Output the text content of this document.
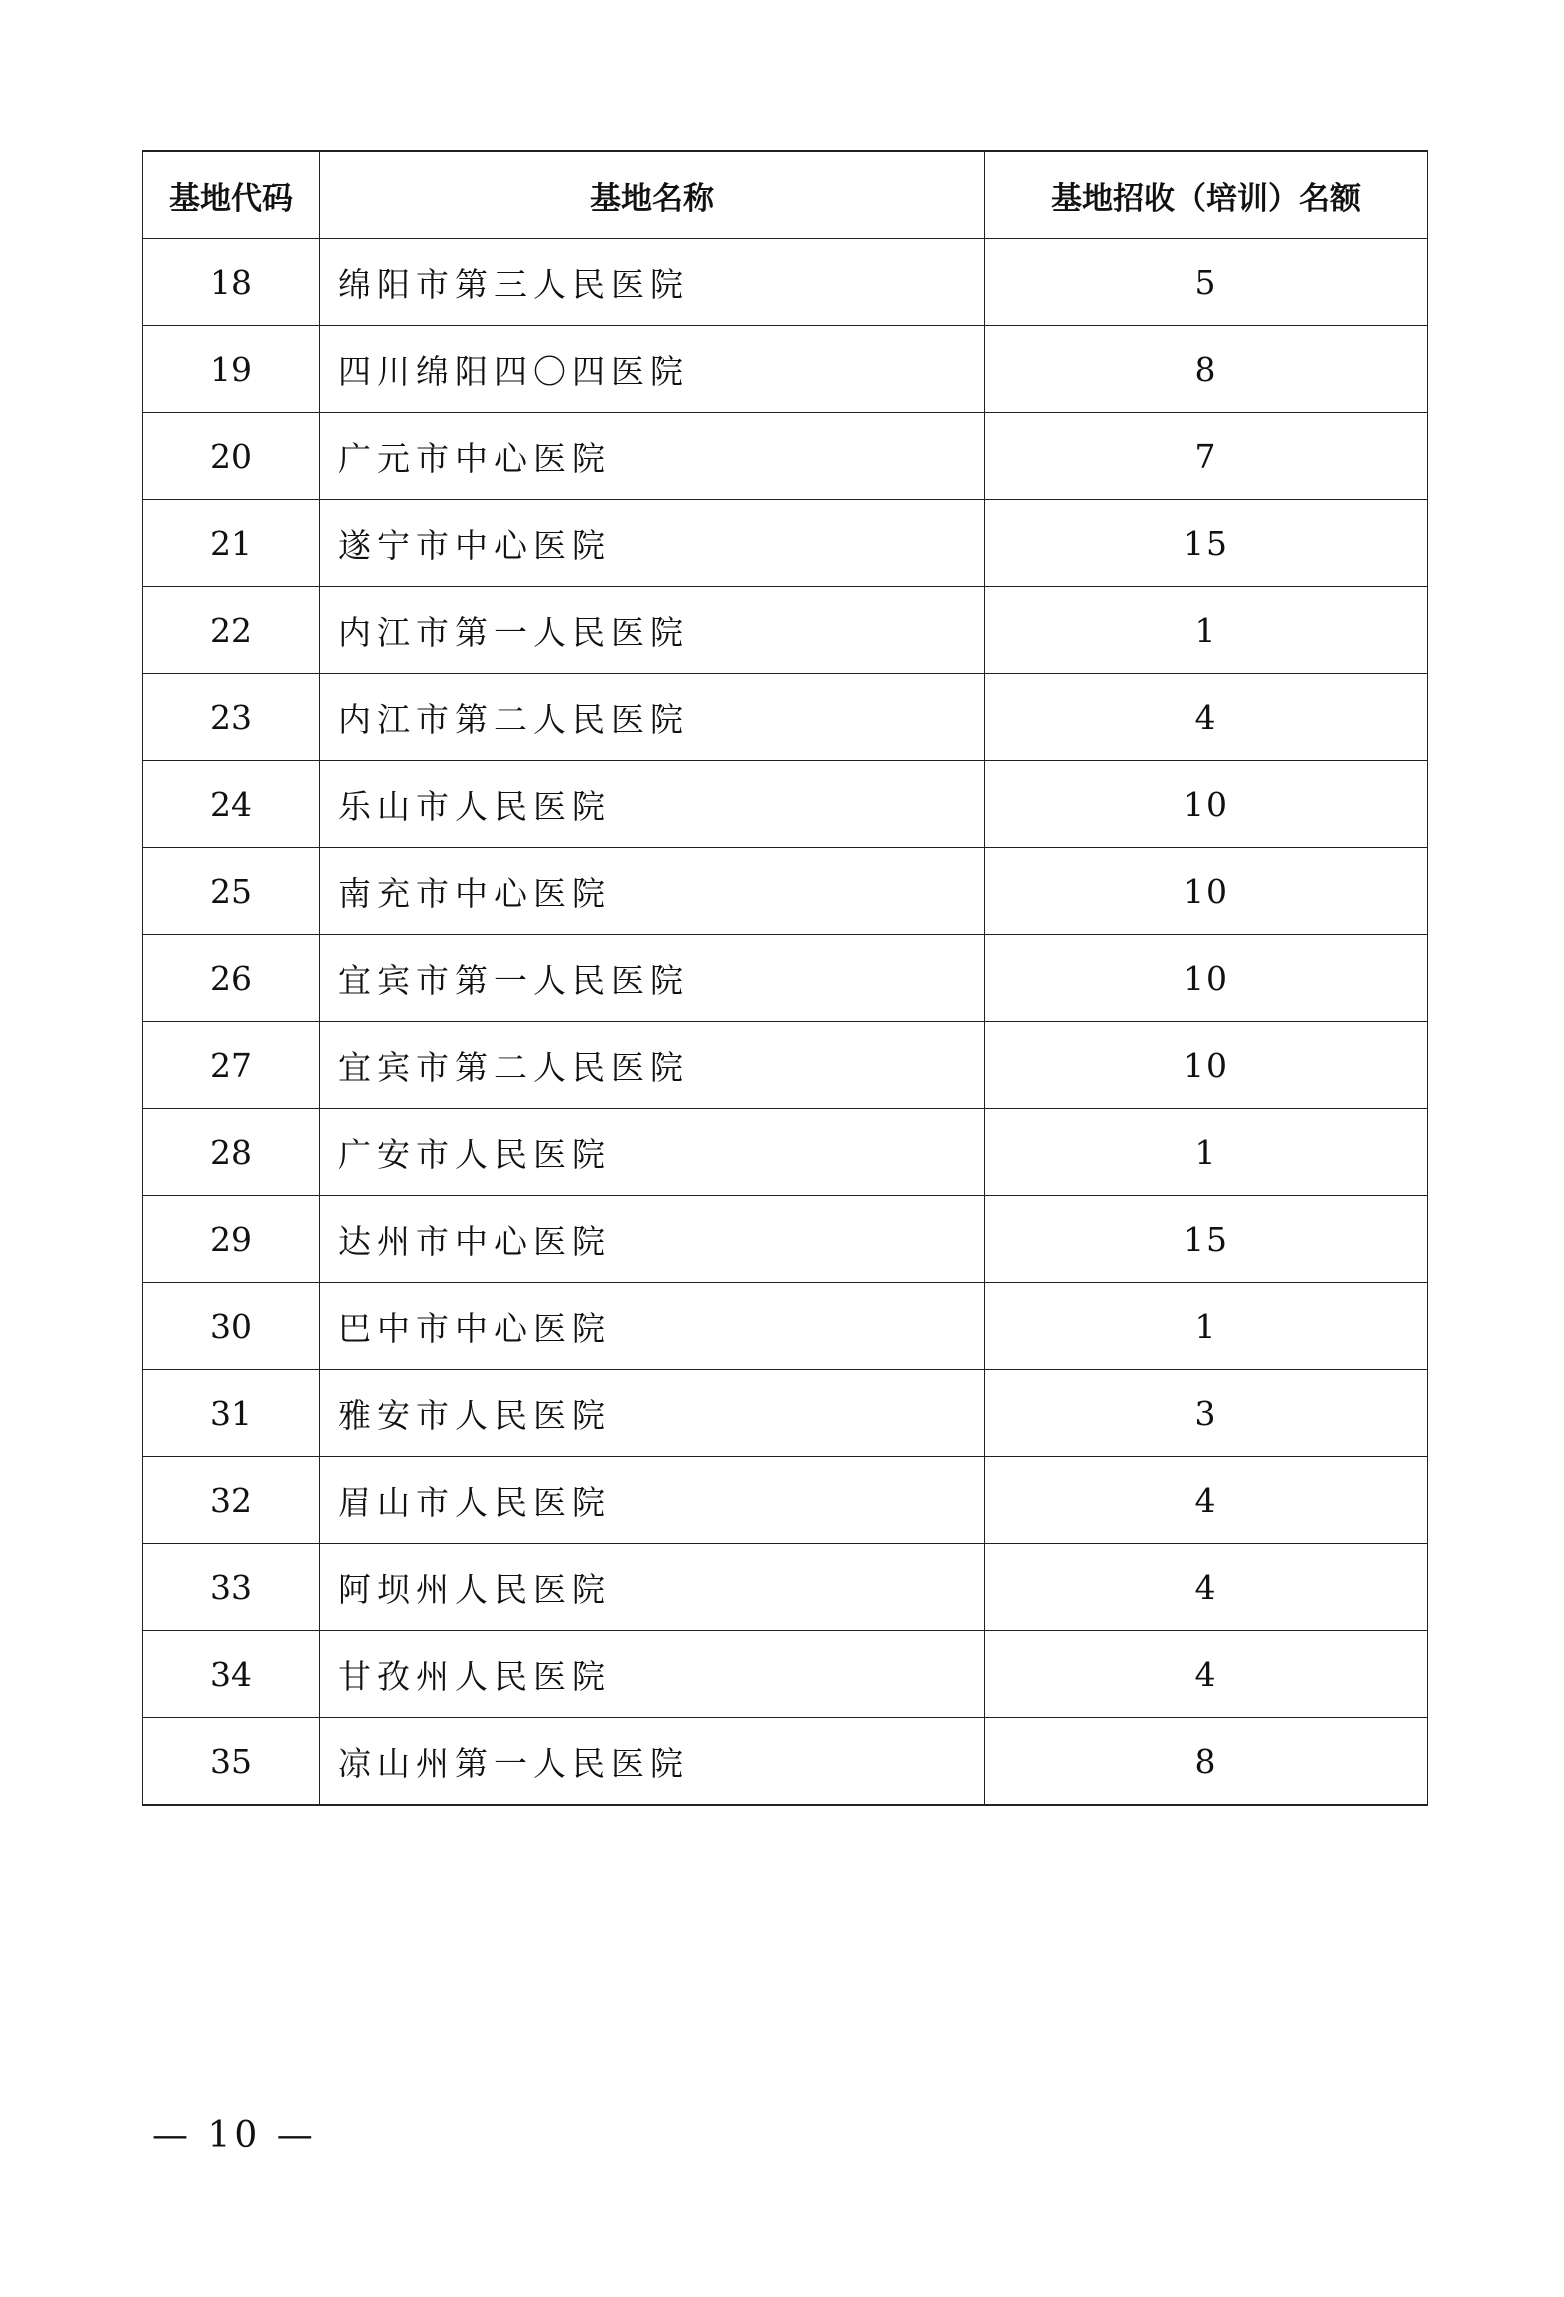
基地代码	基地名称	基地招收（培训）名额
18	绵阳市第三人民医院	5
19	四川绵阳四〇四医院	8
20	广元市中心医院	7
21	遂宁市中心医院	15
22	内江市第一人民医院	1
23	内江市第二人民医院	4
24	乐山市人民医院	10
25	南充市中心医院	10
26	宜宾市第一人民医院	10
27	宜宾市第二人民医院	10
28	广安市人民医院	1
29	达州市中心医院	15
30	巴中市中心医院	1
31	雅安市人民医院	3
32	眉山市人民医院	4
33	阿坝州人民医院	4
34	甘孜州人民医院	4
35	凉山州第一人民医院	8
— 10 —
